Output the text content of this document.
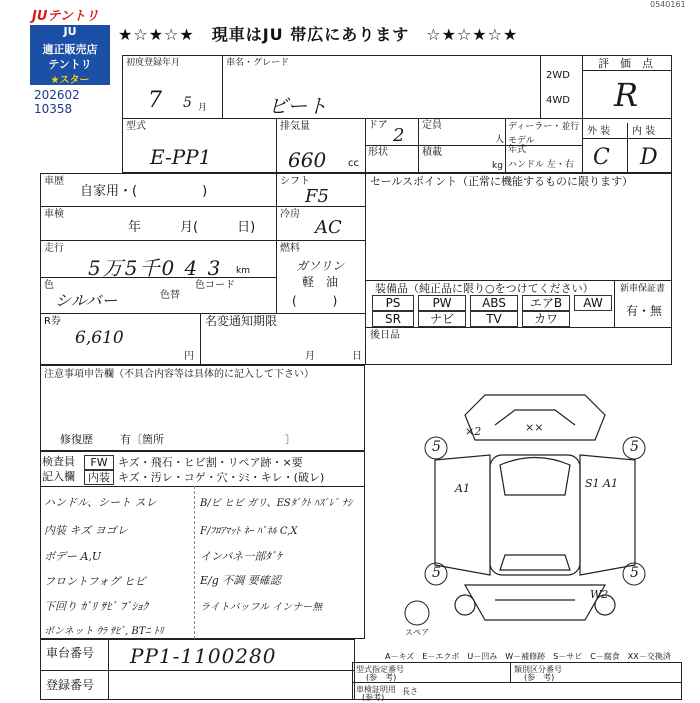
JUテントリ
JU
適正販売店
テントリ
★スター
202602
10358
★☆★☆★　現車はJU 帯広にあります　☆★☆★☆★
0540161
初度登録年月
7 5 月
車名・グレード
ビート
2WD
4WD
評　価　点
R
型式
E-PP1
排気量
660 cc
ドア 2 定員
人
ディーラー・並行
形状	積載
kg
モデル
年式
ハンドル 左・右
外 装 内 装
C D
車歴
自家用・(　　　　　)
シフト
F5
車検
年　　　月(　　　日)
冷房
AC
走行
5万5千0 4 3 km
燃料
ガソリン
軽　油
(　　　)
色
シルバー	色替
色コード
セールスポイント（正常に機能するものに限ります）
R券
6,610
円
名変通知期限
月	日
装備品（純正品に限り○をつけてください）
PS	PW	ABS	エアB	AW
SR	ナビ	TV	カワ
新車保証書
有・無
後日品
注意事項申告欄（不具合内容等は具体的に記入して下さい）
修復歴 有〔箇所　　　　　　　　　　　〕
検査員
記入欄
FW キズ・飛石・ヒビ割・リペア跡・×要
内装 キズ・汚レ・コゲ・穴・ｼﾐ・キレ・(破レ)
ハンドル、シート スレ
内装 キズ ヨゴレ
ボデー A,U
フロントフォグ ヒビ
下回り ｶﾞﾘ ｻﾋﾞ ﾌﾞｼｮｸ
ボンネット ｳﾗ ｻﾋﾞ, BTﾆ ﾄﾘ
B/ピ ヒビ ガリ、ESﾀﾞｸﾄ ﾊｽﾞﾚﾞ ﾅｼ
F/ﾌﾛｱﾏｯﾄ ﾈｰ ﾊﾟﾈﾙ C,X
インパネ一部ﾀﾞｹ
E/g 不調 要確認
ライトバッフル インナー無
×2	××
A1	S1 A1
5	5
5	5
W2
スペア
A－キズ　E－エクボ　U－凹み　W－補修跡　S－サビ　C－腐食　XX－交換済
車台番号 PP1-1100280
登録番号
型式指定番号
(参　考)
類別区分番号
(参　考)
車検証明用
(参考)
長さ
